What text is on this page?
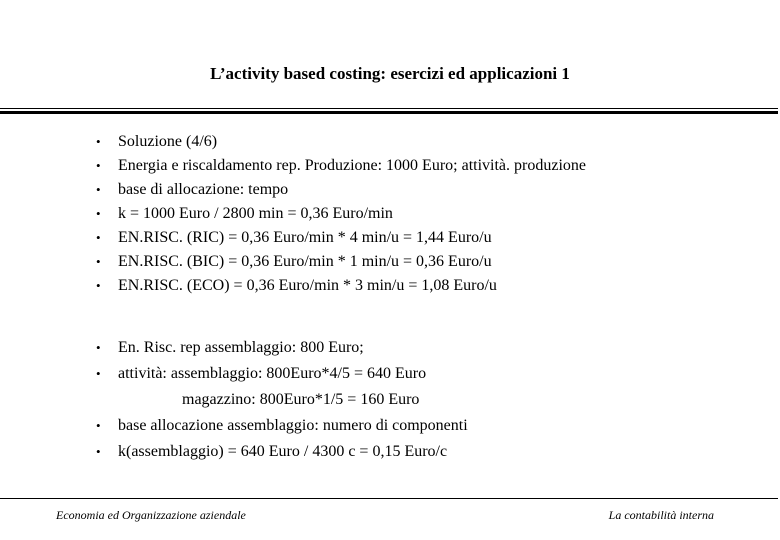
L’activity based costing: esercizi ed applicazioni 1
• Soluzione (4/6)
• Energia e riscaldamento rep. Produzione: 1000 Euro; attività. produzione
• base di allocazione: tempo
• k = 1000 Euro / 2800 min = 0,36 Euro/min
• EN.RISC. (RIC) = 0,36 Euro/min * 4 min/u = 1,44 Euro/u
• EN.RISC. (BIC) = 0,36 Euro/min * 1 min/u = 0,36 Euro/u
• EN.RISC. (ECO) = 0,36 Euro/min * 3 min/u = 1,08 Euro/u
• En. Risc. rep assemblaggio: 800 Euro;
• attività: assemblaggio: 800Euro*4/5 = 640 Euro
magazzino: 800Euro*1/5 = 160 Euro
• base allocazione assemblaggio: numero di componenti
• k(assemblaggio) = 640 Euro / 4300 c = 0,15 Euro/c
Economia ed Organizzazione aziendale	La contabilità interna
